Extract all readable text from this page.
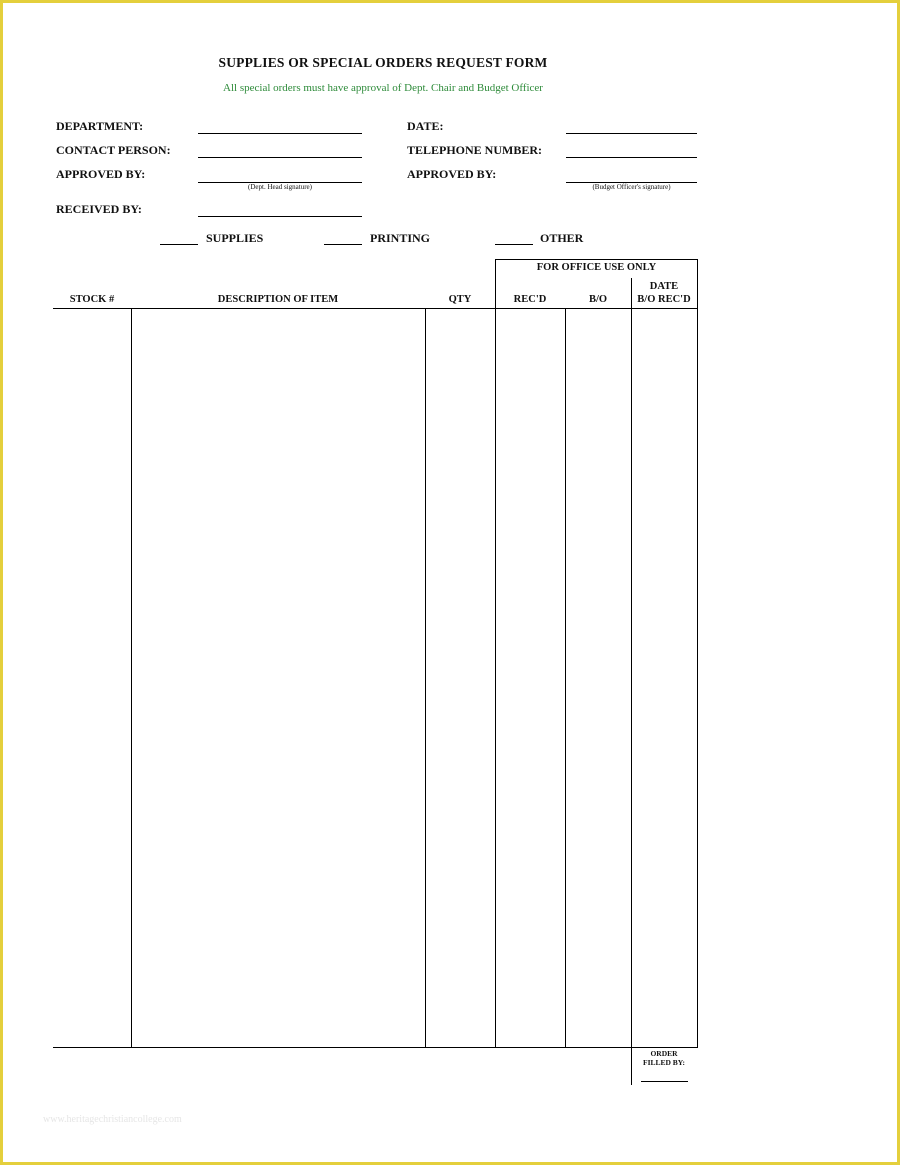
SUPPLIES OR SPECIAL ORDERS REQUEST FORM
All special orders must have approval of Dept. Chair and Budget Officer
DEPARTMENT:	DATE:
CONTACT PERSON:	TELEPHONE NUMBER:
APPROVED BY:
(Dept. Head signature)
APPROVED BY:
(Budget Officer's signature)
RECEIVED BY:
SUPPLIES	PRINTING	OTHER
FOR OFFICE USE ONLY
STOCK #	DESCRIPTION OF ITEM	QTY	REC'D	B/O
DATE
B/O REC'D
ORDER
FILLED BY:
www.heritagechristiancollege.com
